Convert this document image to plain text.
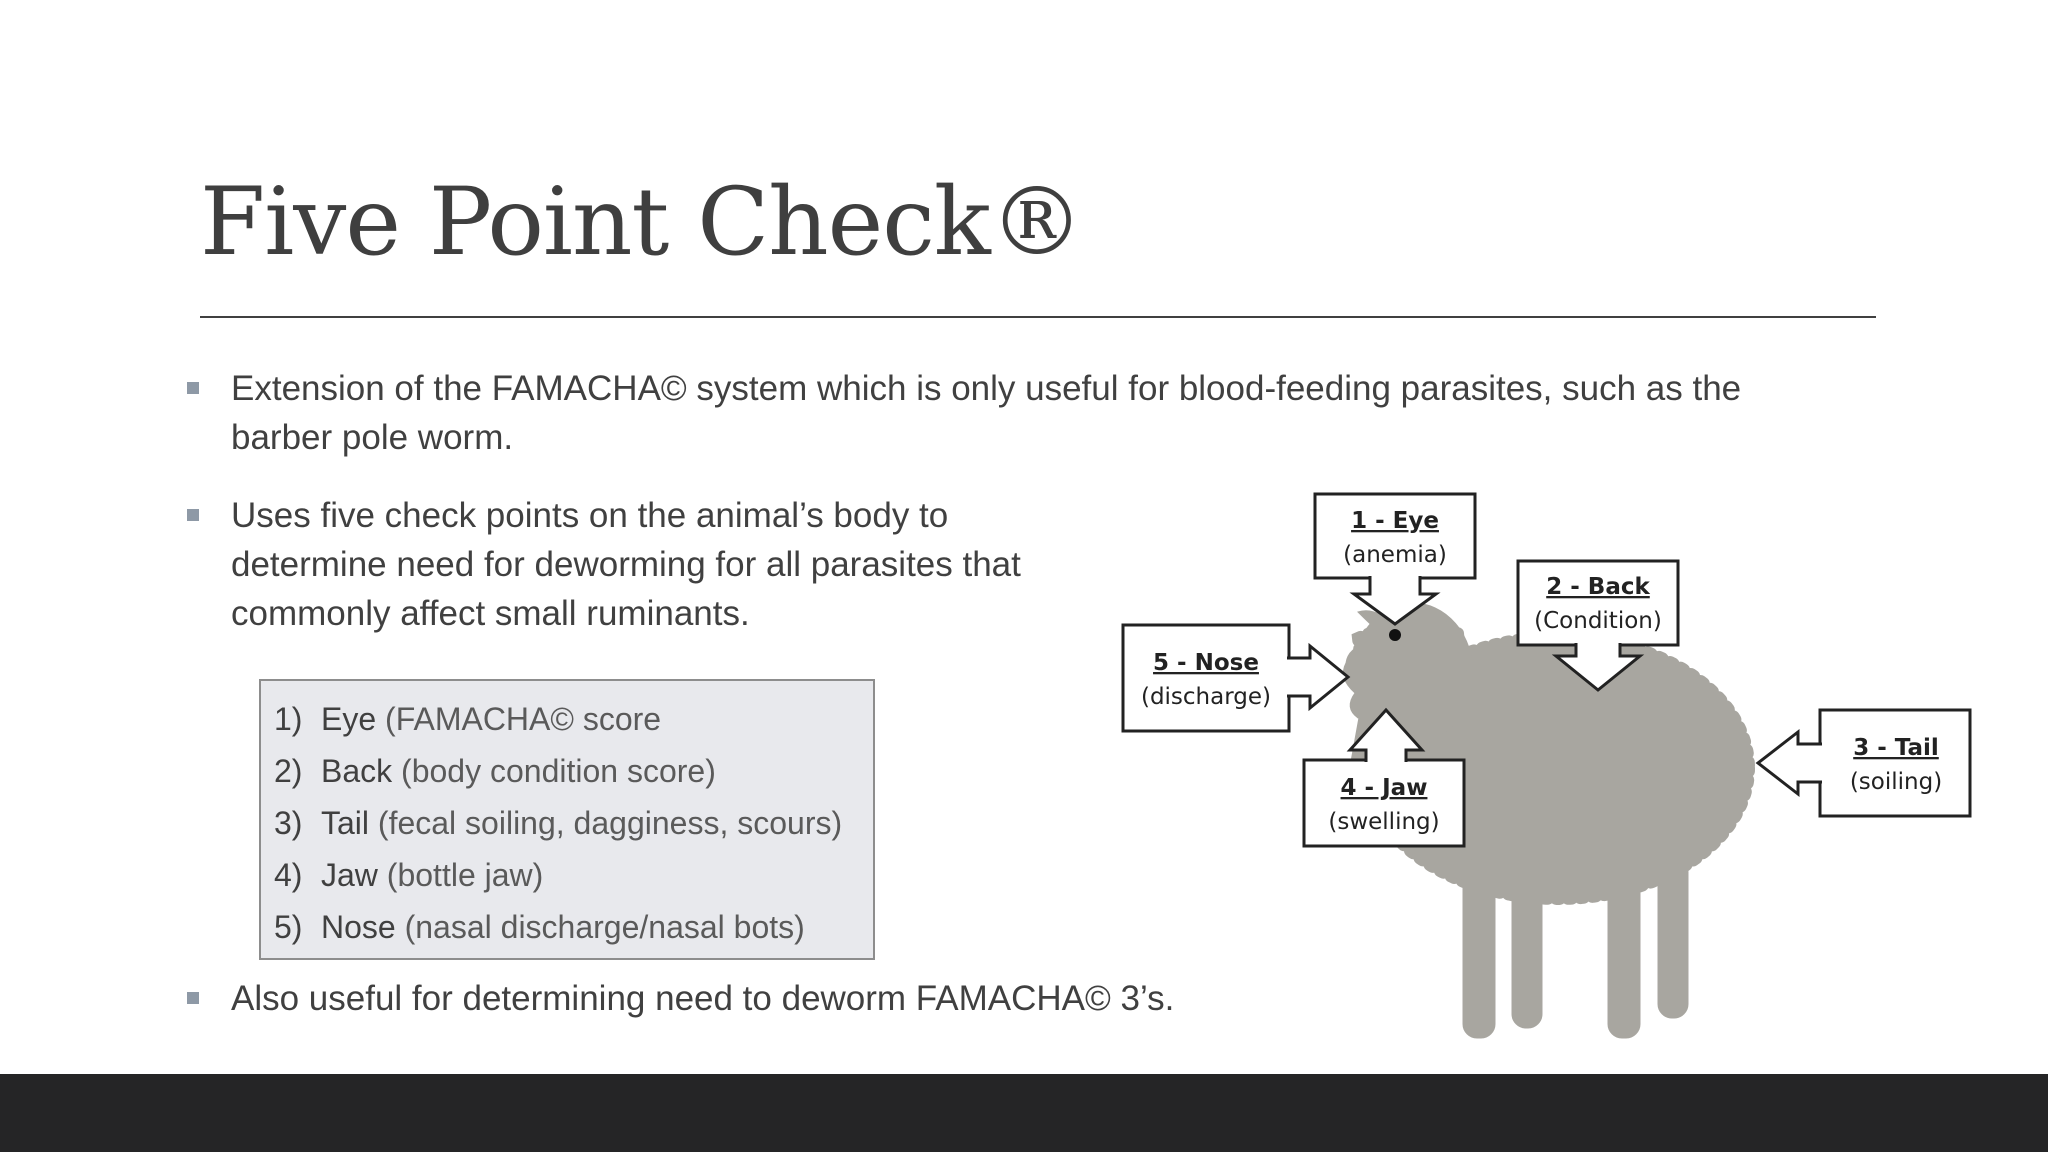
Five Point Check®
Extension of the FAMACHA© system which is only useful for blood-feeding parasites, such as the barber pole worm.
Uses five check points on the animal’s body to determine need for deworming for all parasites that commonly affect small ruminants.
1) Eye (FAMACHA© score
2) Back (body condition score)
3) Tail (fecal soiling, dagginess, scours)
4) Jaw (bottle jaw)
5) Nose (nasal discharge/nasal bots)
Also useful for determining need to deworm FAMACHA© 3’s.
1 - Eye
(anemia)
2 - Back
(Condition)
3 - Tail
(soiling)
4 - Jaw
(swelling)
5 - Nose
(discharge)
